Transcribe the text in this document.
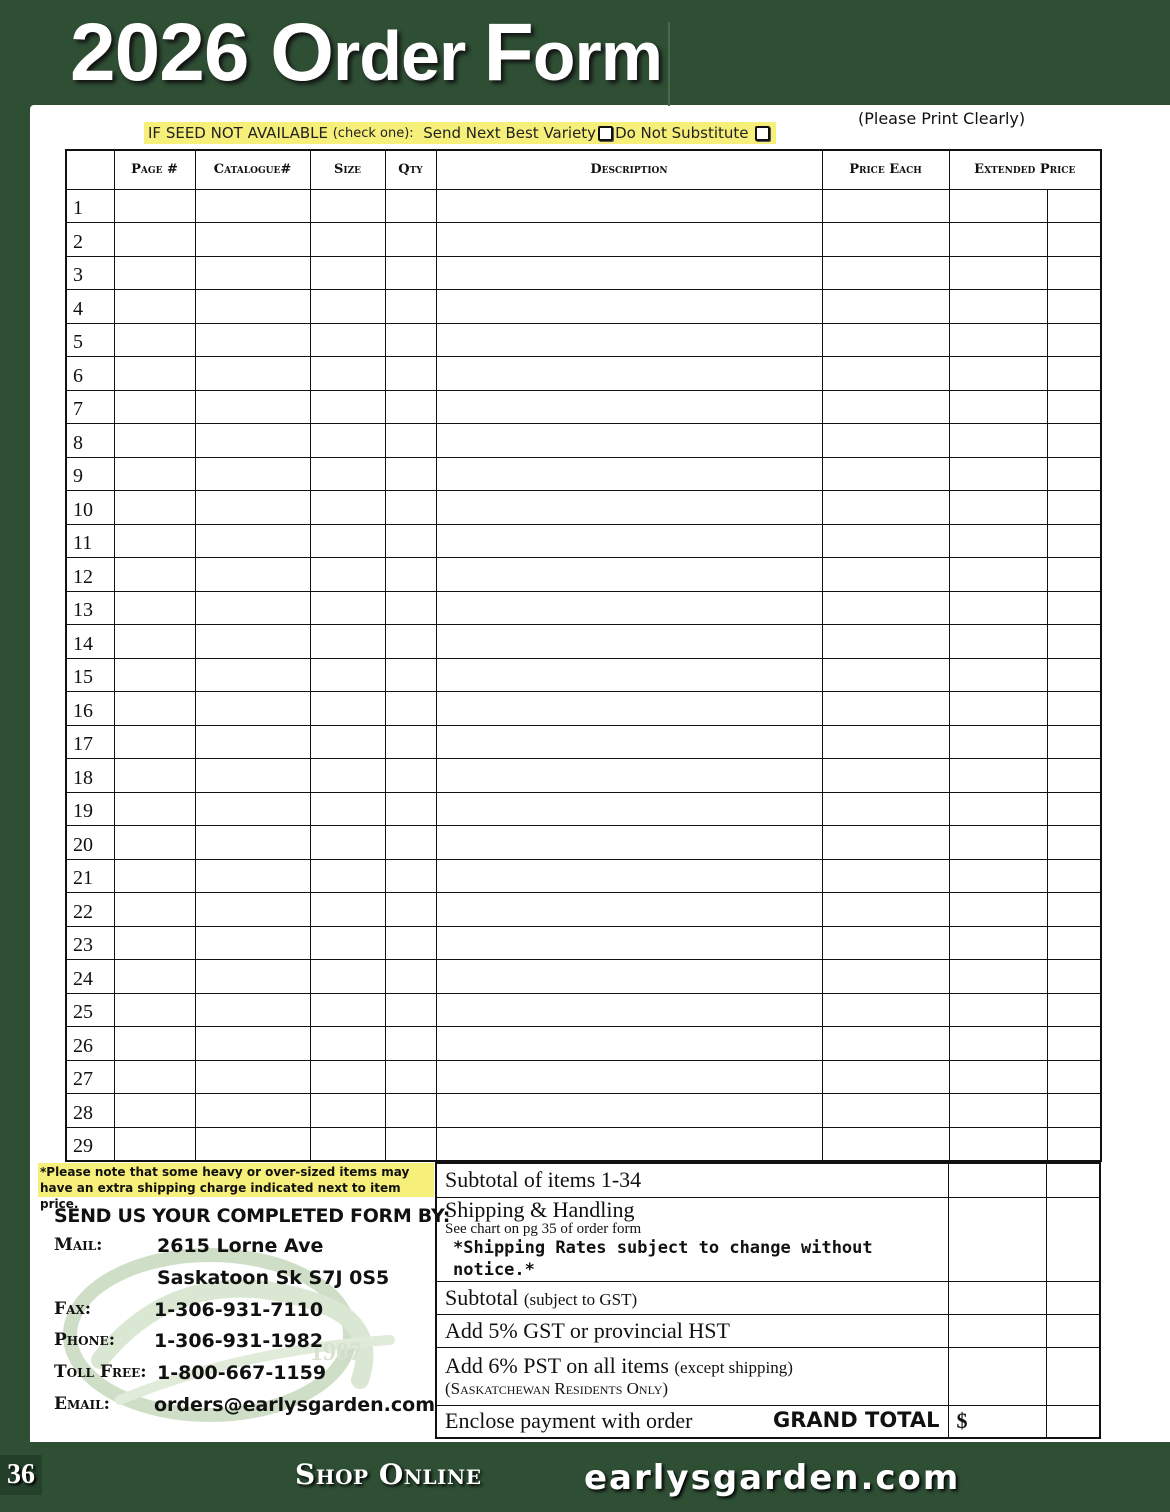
2026 Order Form
(Please Print Clearly)
IF SEED NOT AVAILABLE
(check one):
Send Next Best Variety Do Not Substitute

	Page #	Catalogue#	Size	Qty	Description	Price Each	Extended Price	
1								
2								
3								
4								
5								
6								
7								
8								
9								
10								
11								
12								
13								
14								
15								
16								
17								
18								
19								
20								
21								
22								
23								
24								
25								
26								
27								
28								
29								
*Please note that some heavy or over-sized items may have an extra shipping charge indicated next to item price.
1907
SEND US YOUR COMPLETED FORM BY:
Mail:	2615 Lorne Ave
Saskatoon Sk S7J 0S5
Fax:	1-306-931-7110
Phone: 1-306-931-1982
Toll Free: 1-800-667-1159
Email: orders@earlysgarden.com
Subtotal of items 1-34		

Shipping & Handling
See chart on pg 35 of order form
*Shipping Rates subject to change without notice.*		

Subtotal (subject to GST)		
Add 5% GST or provincial HST		
Add 6% PST on all items (except shipping)
(Saskatchewan Residents Only)		

Enclose payment with order GRAND TOTAL	$	
36	Shop Online	earlysgarden.com
